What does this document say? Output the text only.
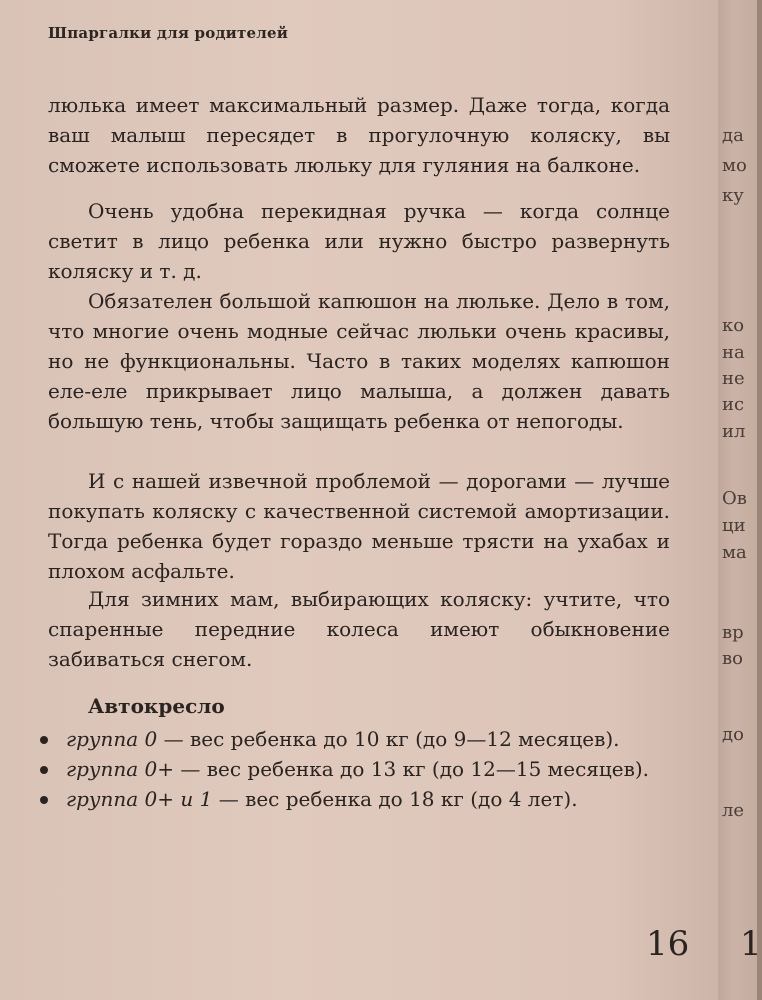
Шпаргалки для родителей

люлька имеет максимальный размер. Даже тогда, когда ваш малыш пересядет в прогулочную коляску, вы сможете использовать люльку для гуляния на балконе.

Очень удобна перекидная ручка — когда солнце светит в лицо ребенка или нужно быстро развернуть коляску и т. д.

Обязателен большой капюшон на люльке. Дело в том, что многие очень модные сейчас люльки очень красивы, но не функциональны. Часто в таких моделях капюшон еле-еле прикрывает лицо малыша, а должен давать большую тень, чтобы защищать ребенка от непогоды.

И с нашей извечной проблемой — дорогами — лучше покупать коляску с качественной системой амортизации. Тогда ребенка будет гораздо меньше трясти на ухабах и плохом асфальте.

Для зимних мам, выбирающих коляску: учтите, что спаренные передние колеса имеют обыкновение забиваться снегом.

Автокресло
группа 0 — вес ребенка до 10 кг (до 9—12 месяцев).
группа 0+ — вес ребенка до 13 кг (до 12—15 месяцев).
группа 0+ и 1 — вес ребенка до 18 кг (до 4 лет).
16
да
мо
ку
ко
на
не
ис
ил
Ов
ци
ма
вр
во
до
ле
1
